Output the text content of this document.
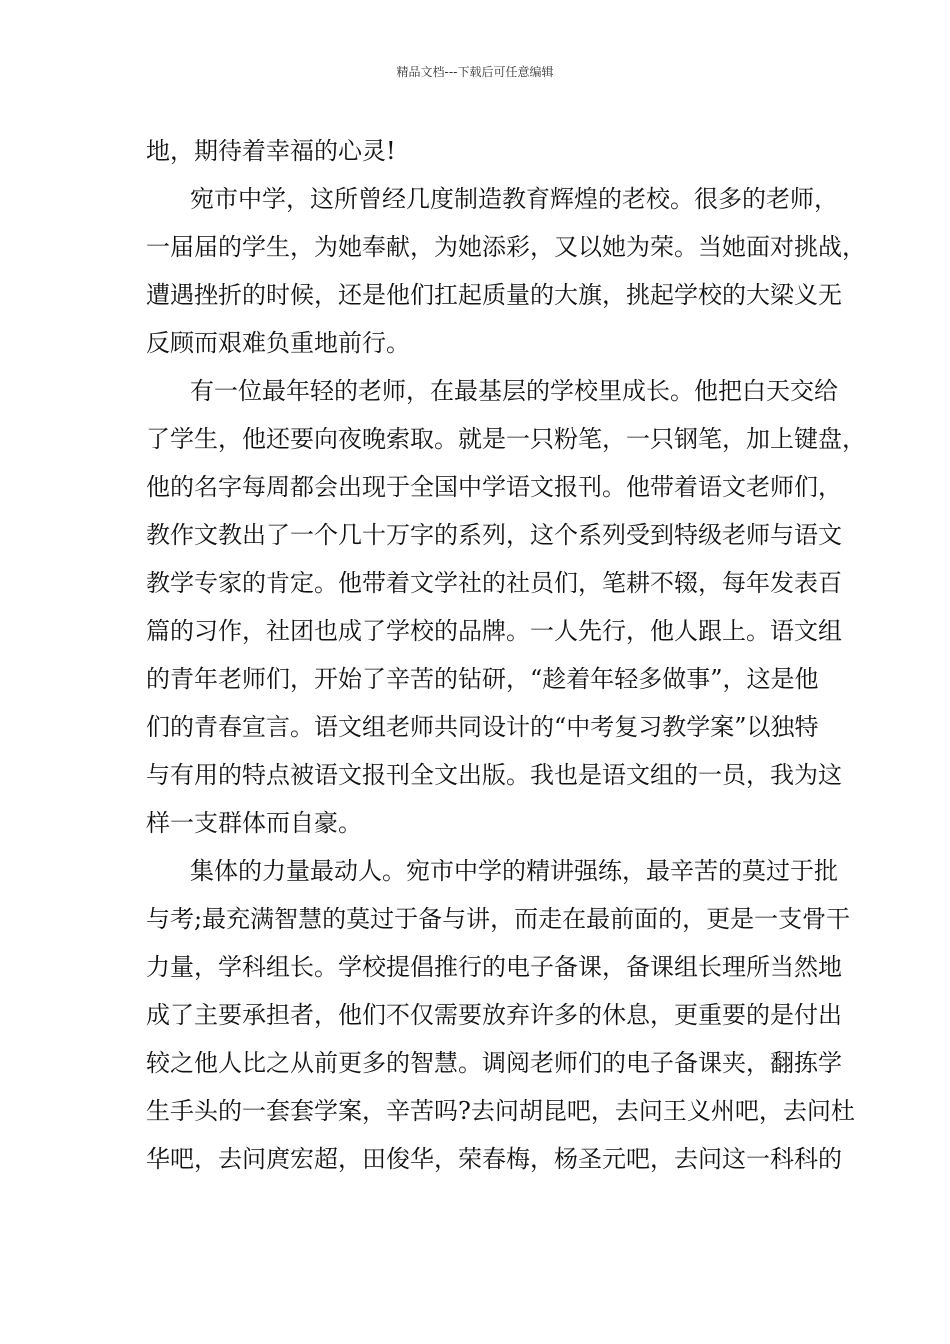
精品文档---下载后可任意编辑
地，期待着幸福的心灵!
宛市中学，这所曾经几度制造教育辉煌的老校。很多的老师，
一届届的学生，为她奉献，为她添彩，又以她为荣。当她面对挑战，
遭遇挫折的时候，还是他们扛起质量的大旗，挑起学校的大梁义无
反顾而艰难负重地前行。
有一位最年轻的老师，在最基层的学校里成长。他把白天交给
了学生，他还要向夜晚索取。就是一只粉笔，一只钢笔，加上键盘，
他的名字每周都会出现于全国中学语文报刊。他带着语文老师们，
教作文教出了一个几十万字的系列，这个系列受到特级老师与语文
教学专家的肯定。他带着文学社的社员们，笔耕不辍，每年发表百
篇的习作，社团也成了学校的品牌。一人先行，他人跟上。语文组
的青年老师们，开始了辛苦的钻研，“趁着年轻多做事”，这是他
们的青春宣言。语文组老师共同设计的“中考复习教学案”以独特
与有用的特点被语文报刊全文出版。我也是语文组的一员，我为这
样一支群体而自豪。
集体的力量最动人。宛市中学的精讲强练，最辛苦的莫过于批
与考;最充满智慧的莫过于备与讲，而走在最前面的，更是一支骨干
力量，学科组长。学校提倡推行的电子备课，备课组长理所当然地
成了主要承担者，他们不仅需要放弃许多的休息，更重要的是付出
较之他人比之从前更多的智慧。调阅老师们的电子备课夹，翻拣学
生手头的一套套学案，辛苦吗?去问胡昆吧，去问王义州吧，去问杜
华吧，去问庹宏超，田俊华，荣春梅，杨圣元吧，去问这一科科的
